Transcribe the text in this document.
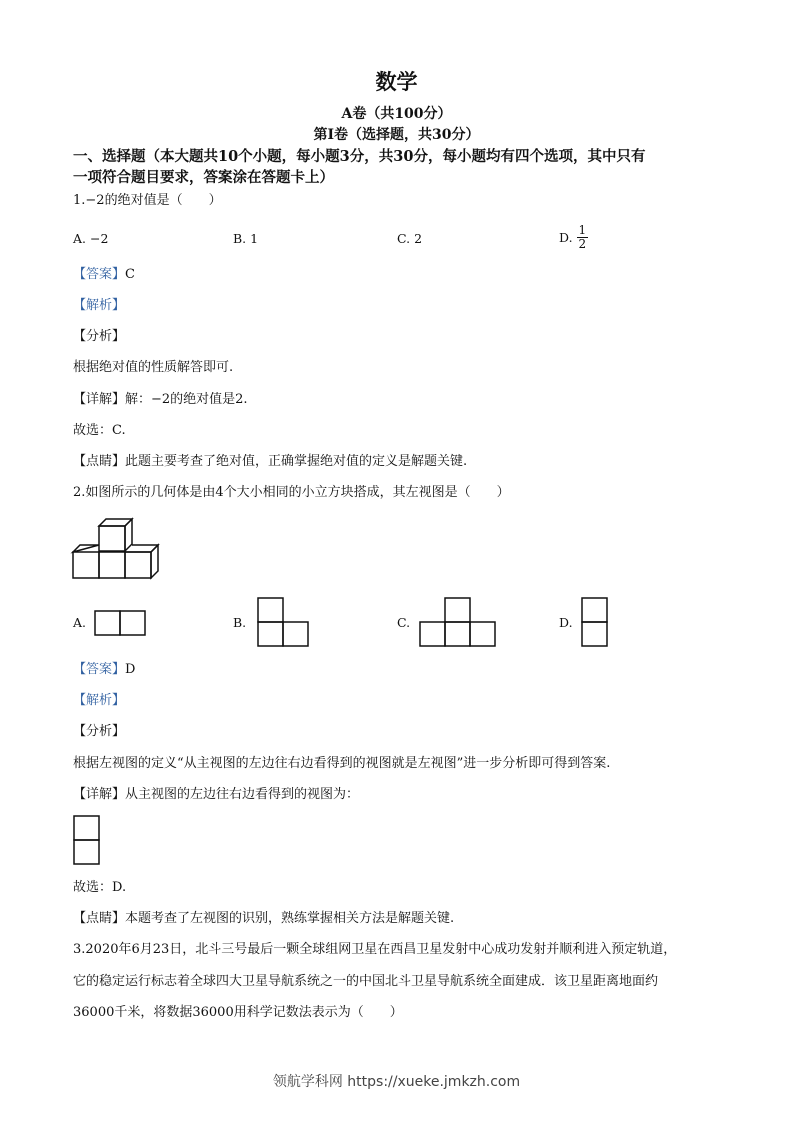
数学
A卷（共100分）
第Ⅰ卷（选择题，共30分）
一、选择题（本大题共10个小题，每小题3分，共30分，每小题均有四个选项，其中只有
一项符合题目要求，答案涂在答题卡上）
1.−2的绝对值是（　　）
A. −2	B. 1	C. 2	D. $\frac{1}{2}$
【答案】C
【解析】
【分析】
根据绝对值的性质解答即可.
【详解】解：−2的绝对值是2.
故选：C.
【点睛】此题主要考查了绝对值，正确掌握绝对值的定义是解题关键.
2.如图所示的几何体是由4个大小相同的小立方块搭成，其左视图是（　　）
A.	B.	C.	D.
【答案】D
【解析】
【分析】
根据左视图的定义“从主视图的左边往右边看得到的视图就是左视图”进一步分析即可得到答案.
【详解】从主视图的左边往右边看得到的视图为：
故选：D.
【点睛】本题考查了左视图的识别，熟练掌握相关方法是解题关键.
3.2020年6月23日，北斗三号最后一颗全球组网卫星在西昌卫星发射中心成功发射并顺利进入预定轨道，
它的稳定运行标志着全球四大卫星导航系统之一的中国北斗卫星导航系统全面建成．该卫星距离地面约
36000千米，将数据36000用科学记数法表示为（　　）
领航学科网 https://xueke.jmkzh.com
